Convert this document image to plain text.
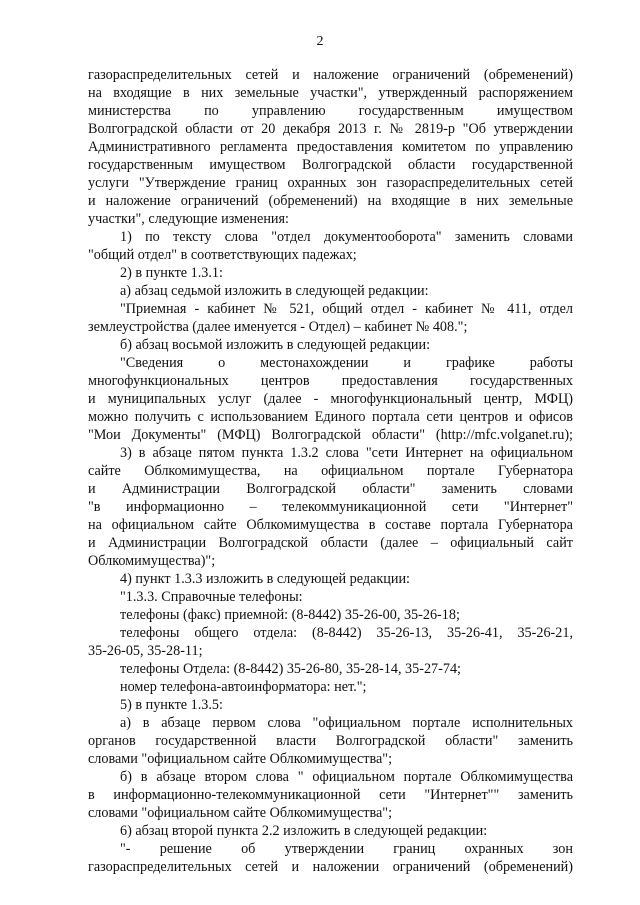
2
газораспределительных сетей и наложение ограничений (обременений)
на входящие в них земельные участки", утвержденный распоряжением
министерства по управлению государственным имуществом
Волгоградской области от 20 декабря 2013 г. № 2819-р "Об утверждении
Административного регламента предоставления комитетом по управлению
государственным имуществом Волгоградской области государственной
услуги "Утверждение границ охранных зон газораспределительных сетей
и наложение ограничений (обременений) на входящие в них земельные
участки", следующие изменения:
1) по тексту слова "отдел документооборота" заменить словами
"общий отдел" в соответствующих падежах;
2) в пункте 1.3.1:
а) абзац седьмой изложить в следующей редакции:
"Приемная - кабинет № 521, общий отдел - кабинет № 411, отдел
землеустройства (далее именуется - Отдел) – кабинет № 408.";
б) абзац восьмой изложить в следующей редакции:
"Сведения о местонахождении и графике работы
многофункциональных центров предоставления государственных
и муниципальных услуг (далее - многофункциональный центр, МФЦ)
можно получить с использованием Единого портала сети центров и офисов
"Мои Документы" (МФЦ) Волгоградской области" (http://mfc.volganet.ru);
3) в абзаце пятом пункта 1.3.2 слова "сети Интернет на официальном
сайте Облкомимущества, на официальном портале Губернатора
и Администрации Волгоградской области" заменить словами
"в информационно – телекоммуникационной сети "Интернет"
на официальном сайте Облкомимущества в составе портала Губернатора
и Администрации Волгоградской области (далее – официальный сайт
Облкомимущества)";
4) пункт 1.3.3 изложить в следующей редакции:
"1.3.3. Справочные телефоны:
телефоны (факс) приемной: (8-8442) 35-26-00, 35-26-18;
телефоны общего отдела: (8-8442) 35-26-13, 35-26-41, 35-26-21,
35-26-05, 35-28-11;
телефоны Отдела: (8-8442) 35-26-80, 35-28-14, 35-27-74;
номер телефона-автоинформатора: нет.";
5) в пункте 1.3.5:
а) в абзаце первом слова "официальном портале исполнительных
органов государственной власти Волгоградской области" заменить
словами "официальном сайте Облкомимущества";
б) в абзаце втором слова " официальном портале Облкомимущества
в информационно-телекоммуникационной сети "Интернет"" заменить
словами "официальном сайте Облкомимущества";
6) абзац второй пункта 2.2 изложить в следующей редакции:
"- решение об утверждении границ охранных зон
газораспределительных сетей и наложении ограничений (обременений)
